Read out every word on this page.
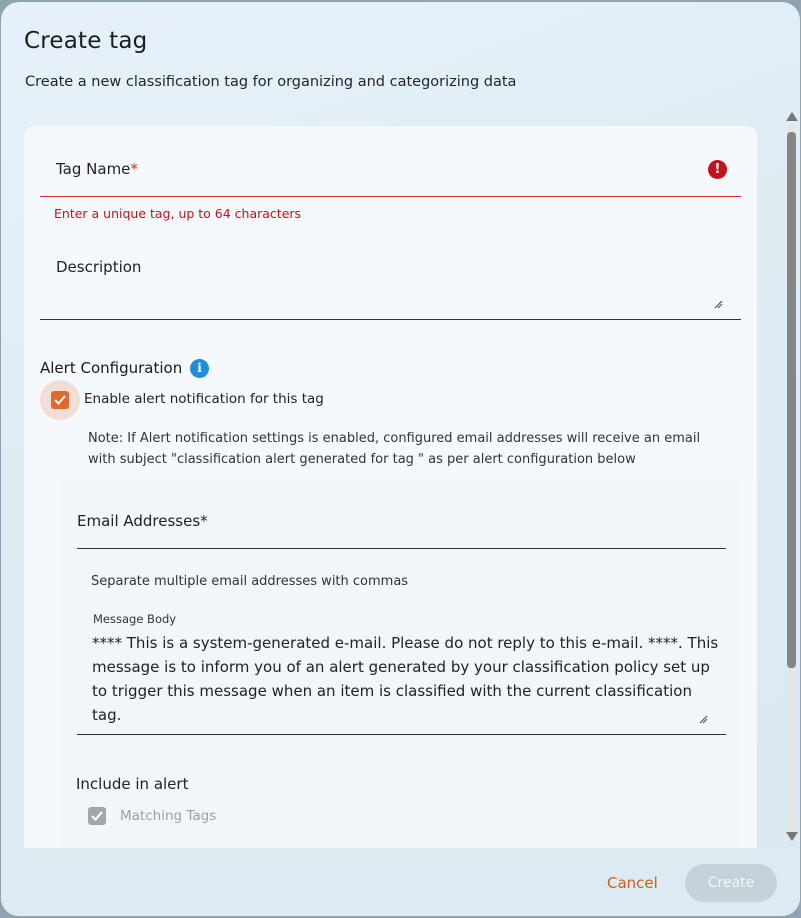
Create tag
Create a new classification tag for organizing and categorizing data
Tag Name*	!
Enter a unique tag, up to 64 characters
Description
Alert Configuration	i
Enable alert notification for this tag
Note: If Alert notification settings is enabled, configured email addresses will receive an email with subject "classification alert generated for tag " as per alert configuration below
Email Addresses*
Separate multiple email addresses with commas
Message Body
**** This is a system-generated e-mail. Please do not reply to this e-mail. ****. This message is to inform you of an alert generated by your classification policy set up to trigger this message when an item is classified with the current classification tag.
Include in alert
Matching Tags
Cancel	Create
